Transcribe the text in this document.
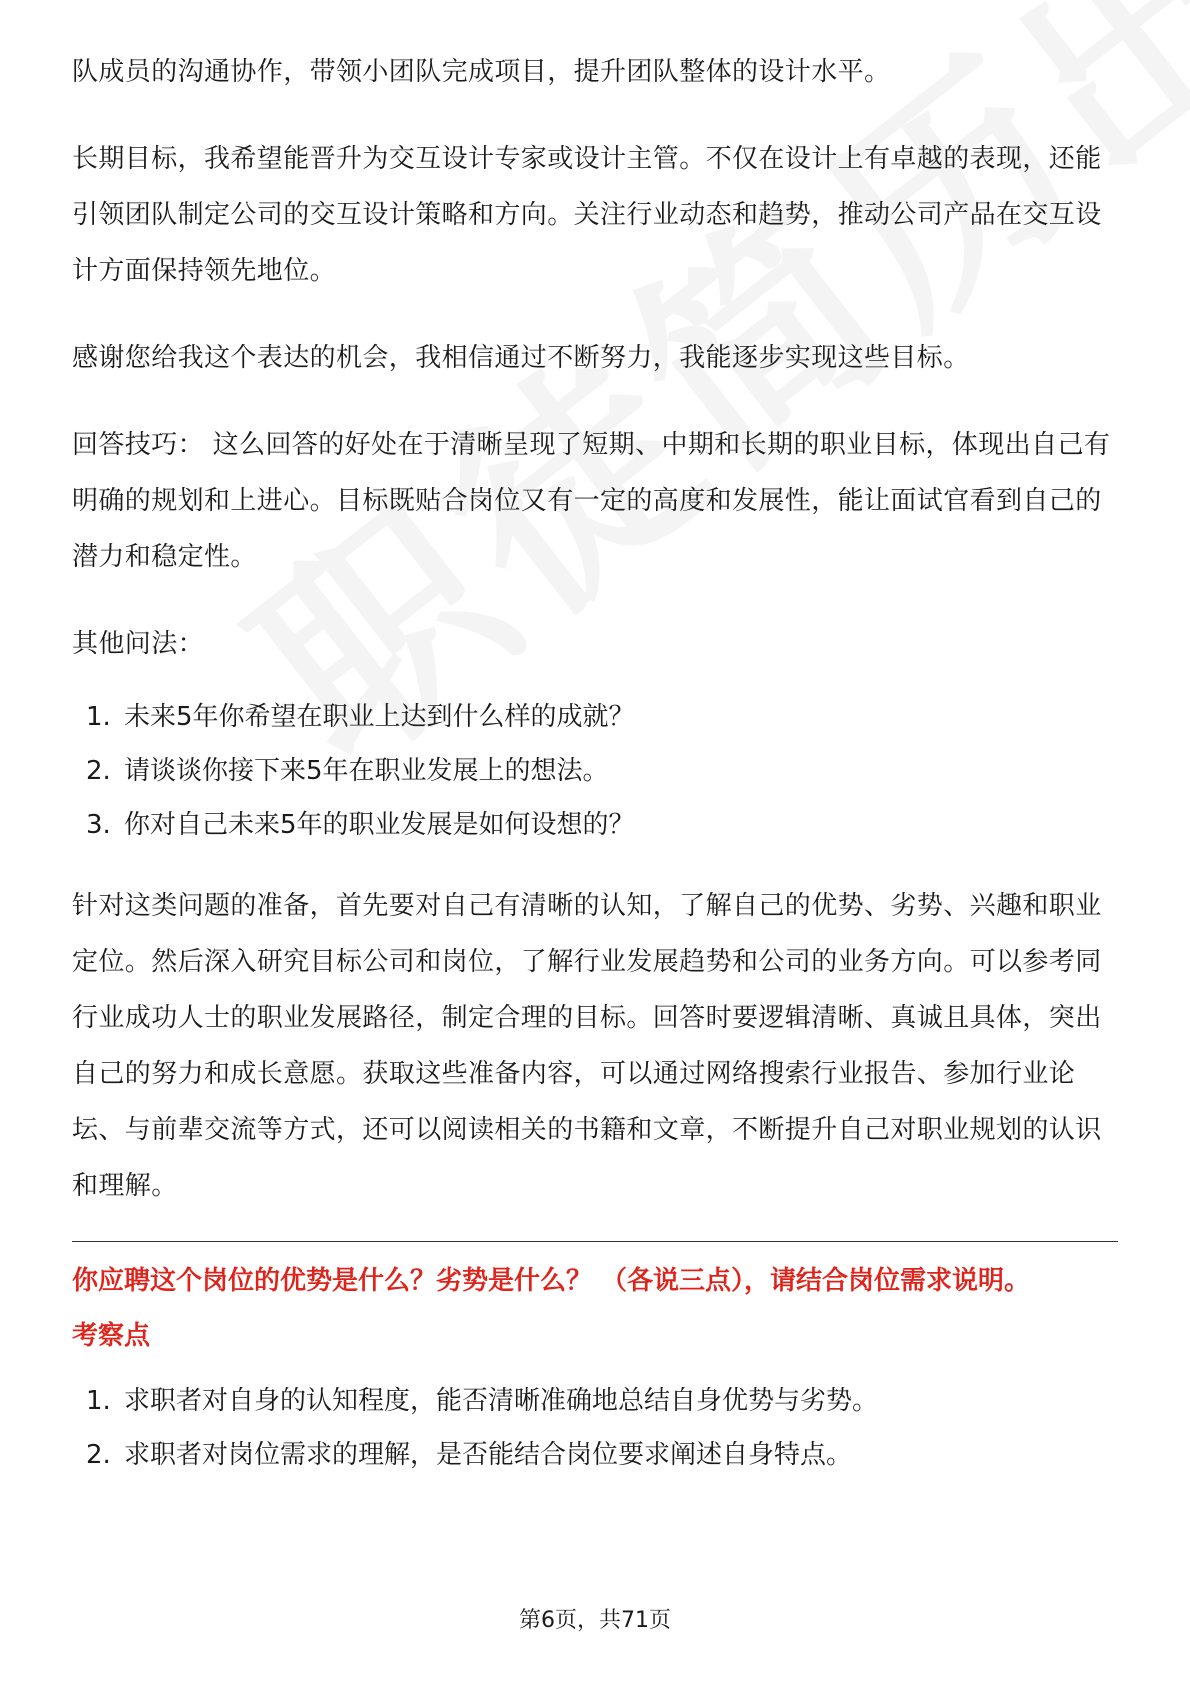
队成员的沟通协作，带领小团队完成项目，提升团队整体的设计水平。

长期目标，我希望能晋升为交互设计专家或设计主管。不仅在设计上有卓越的表现，还能引领团队制定公司的交互设计策略和方向。关注行业动态和趋势，推动公司产品在交互设计方面保持领先地位。

感谢您给我这个表达的机会，我相信通过不断努力，我能逐步实现这些目标。

回答技巧： 这么回答的好处在于清晰呈现了短期、中期和长期的职业目标，体现出自己有明确的规划和上进心。目标既贴合岗位又有一定的高度和发展性，能让面试官看到自己的潜力和稳定性。

其他问法：

1. 未来5年你希望在职业上达到什么样的成就？
2. 请谈谈你接下来5年在职业发展上的想法。
3. 你对自己未来5年的职业发展是如何设想的？

针对这类问题的准备，首先要对自己有清晰的认知，了解自己的优势、劣势、兴趣和职业定位。然后深入研究目标公司和岗位，了解行业发展趋势和公司的业务方向。可以参考同行业成功人士的职业发展路径，制定合理的目标。回答时要逻辑清晰、真诚且具体，突出自己的努力和成长意愿。获取这些准备内容，可以通过网络搜索行业报告、参加行业论坛、与前辈交流等方式，还可以阅读相关的书籍和文章，不断提升自己对职业规划的认识和理解。

你应聘这个岗位的优势是什么？劣势是什么？ （各说三点），请结合岗位需求说明。
考察点
1. 求职者对自身的认知程度，能否清晰准确地总结自身优势与劣势。
2. 求职者对岗位需求的理解，是否能结合岗位要求阐述自身特点。
第6页，共71页
